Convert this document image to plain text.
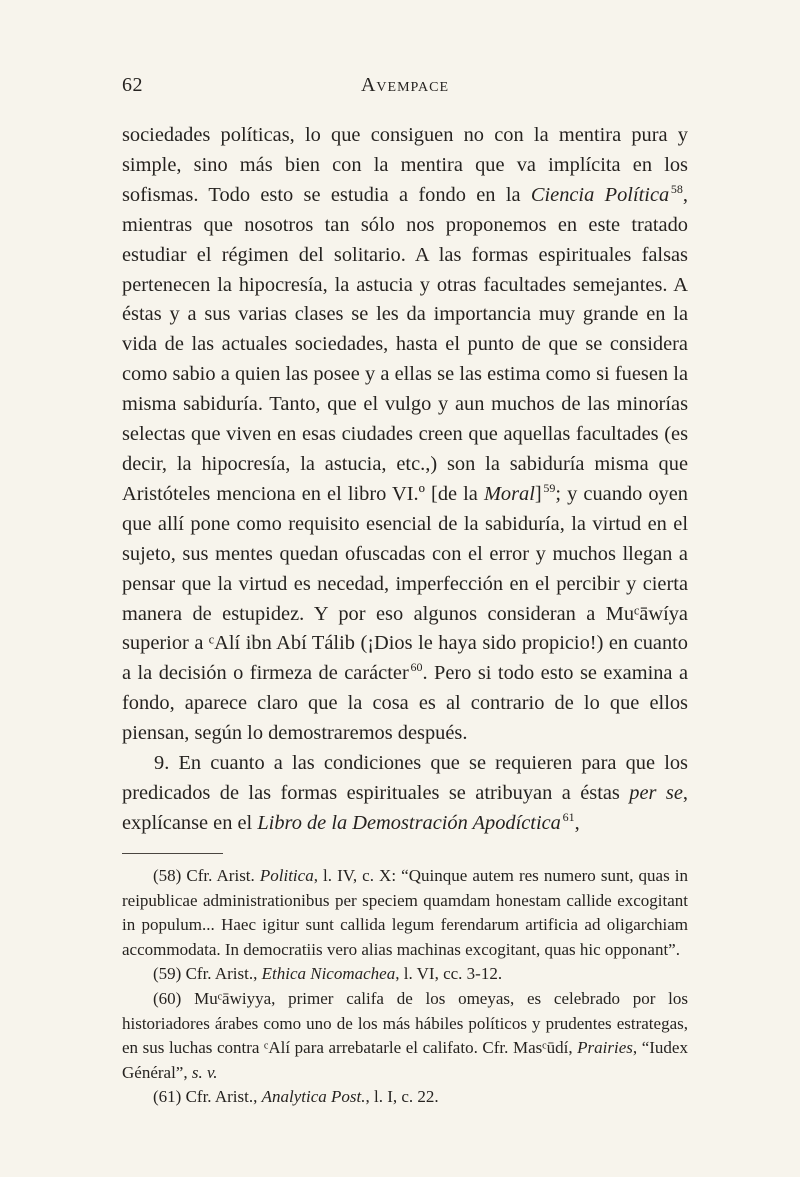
62	Avempace

sociedades políticas, lo que consiguen no con la mentira pura y simple, sino más bien con la mentira que va implícita en los sofismas. Todo esto se estudia a fondo en la Ciencia Política  $^{58}$, mientras que nosotros tan sólo nos proponemos en este tratado estudiar el régimen del solitario. A las formas espirituales falsas pertenecen la hipocresía, la astucia y otras facultades semejantes. A éstas y a sus varias clases se les da importancia muy grande en la vida de las actuales sociedades, hasta el punto de que se considera como sabio a quien las posee y a ellas se las estima como si fuesen la misma sabiduría. Tanto, que el vulgo y aun muchos de las minorías selectas que viven en esas ciudades creen que aquellas facultades (es decir, la hipocresía, la astucia, etc.,) son la sabiduría misma que Aristóteles menciona en el libro VI.º [de la Moral]  $^{59}$; y cuando oyen que allí pone como requisito esencial de la sabiduría, la virtud en el sujeto, sus mentes quedan ofuscadas con el error y muchos llegan a pensar que la virtud es necedad, imperfección en el percibir y cierta manera de estupidez. Y por eso algunos consideran a Muᶜāwíya superior a ᶜAlí ibn Abí Tálib (¡Dios le haya sido propicio!) en cuanto a la decisión o firmeza de carácter  $^{60}$. Pero si todo esto se examina a fondo, aparece claro que la cosa es al contrario de lo que ellos piensan, según lo demostraremos después.

9. En cuanto a las condiciones que se requieren para que los predicados de las formas espirituales se atribuyan a éstas per se, explícanse en el Libro de la Demostración Apodíctica  $^{61}$,

(58) Cfr. Arist. Politica, l. IV, c. X: “Quinque autem res numero sunt, quas in reipublicae administrationibus per speciem quamdam honestam callide excogitant in populum... Haec igitur sunt callida legum ferendarum artificia ad oligarchiam accommodata. In democratiis vero alias machinas excogitant, quas hic opponant”.

(59) Cfr. Arist., Ethica Nicomachea, l. VI, cc. 3-12.

(60) Muᶜāwiyya, primer califa de los omeyas, es celebrado por los historiadores árabes como uno de los más hábiles políticos y prudentes estrategas, en sus luchas contra ᶜAlí para arrebatarle el califato. Cfr. Masᶜūdí, Prairies, “Iudex Général”, s. v.

(61) Cfr. Arist., Analytica Post., l. I, c. 22.
